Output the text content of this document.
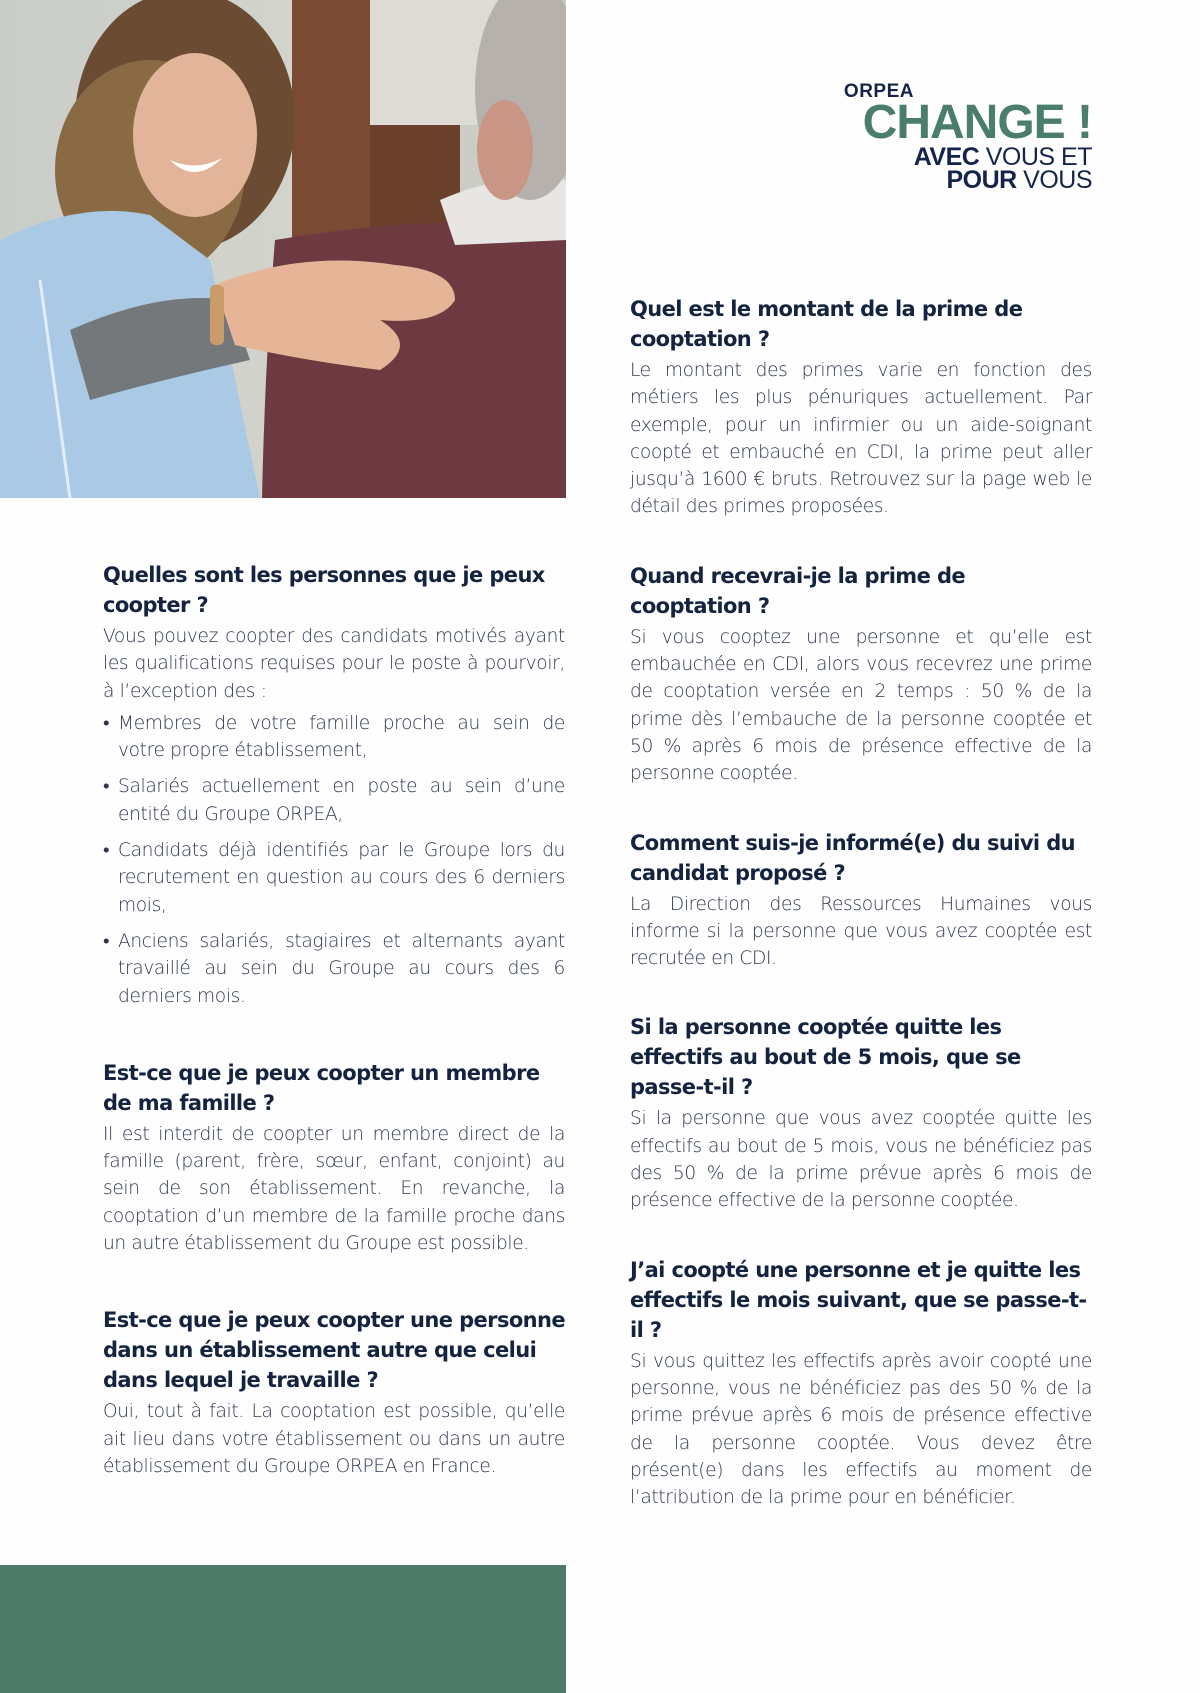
ORPEA
CHANGE !
AVEC VOUS ET
POUR VOUS
Quelles sont les personnes que je peux coopter ?

Vous pouvez coopter des candidats motivés ayant les qualifications requises pour le poste à pourvoir, à l’exception des :

• Membres de votre famille proche au sein de votre propre établissement,
• Salariés actuellement en poste au sein d’une entité du Groupe ORPEA,
• Candidats déjà identifiés par le Groupe lors du recrutement en question au cours des 6 derniers mois,
• Anciens salariés, stagiaires et alternants ayant travaillé au sein du Groupe au cours des 6 derniers mois.
Est-ce que je peux coopter un membre de ma famille ?

Il est interdit de coopter un membre direct de la famille (parent, frère, sœur, enfant, conjoint) au sein de son établissement. En revanche, la cooptation d’un membre de la famille proche dans un autre établissement du Groupe est possible.

Est-ce que je peux coopter une personne dans un établissement autre que celui dans lequel je travaille ?

Oui, tout à fait. La cooptation est possible, qu’elle ait lieu dans votre établissement ou dans un autre établissement du Groupe ORPEA en France.

Quel est le montant de la prime de cooptation ?

Le montant des primes varie en fonction des métiers les plus pénuriques actuellement. Par exemple, pour un infirmier ou un aide-soignant coopté et embauché en CDI, la prime peut aller jusqu’à 1600 € bruts. Retrouvez sur la page web le détail des primes proposées.

Quand recevrai-je la prime de cooptation ?

Si vous cooptez une personne et qu’elle est embauchée en CDI, alors vous recevrez une prime de cooptation versée en 2 temps : 50 % de la prime dès l’embauche de la personne cooptée et 50 % après 6 mois de présence effective de la personne cooptée.

Comment suis-je informé(e) du suivi du candidat proposé ?

La Direction des Ressources Humaines vous informe si la personne que vous avez cooptée est recrutée en CDI.

Si la personne cooptée quitte les effectifs au bout de 5 mois, que se passe-t-il ?

Si la personne que vous avez cooptée quitte les effectifs au bout de 5 mois, vous ne bénéficiez pas des 50 % de la prime prévue après 6 mois de présence effective de la personne cooptée.

J’ai coopté une personne et je quitte les effectifs le mois suivant, que se passe-t-il ?

Si vous quittez les effectifs après avoir coopté une personne, vous ne bénéficiez pas des 50 % de la prime prévue après 6 mois de présence effective de la personne cooptée. Vous devez être présent(e) dans les effectifs au moment de l’attribution de la prime pour en bénéficier.
